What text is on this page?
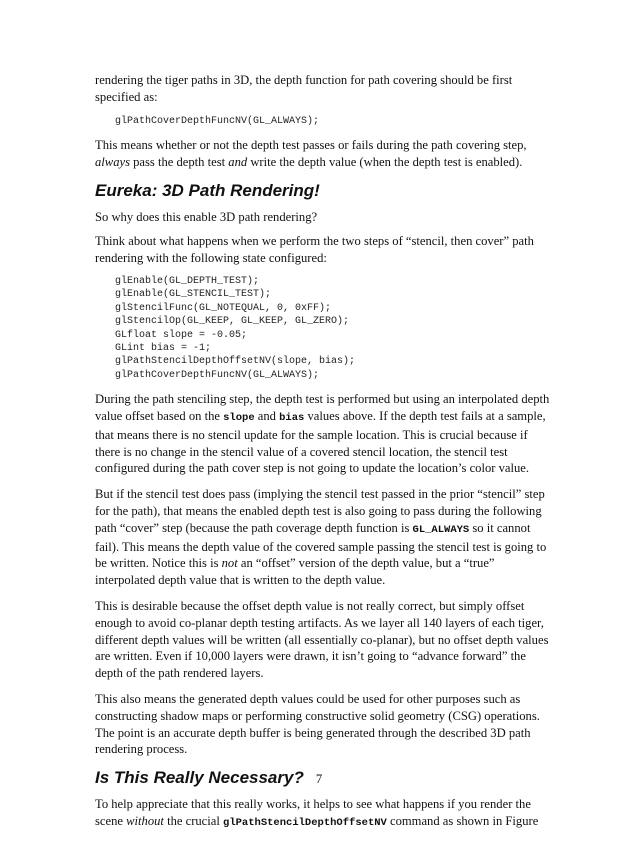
rendering the tiger paths in 3D, the depth function for path covering should be first specified as:

glPathCoverDepthFuncNV(GL_ALWAYS);

This means whether or not the depth test passes or fails during the path covering step, always pass the depth test and write the depth value (when the depth test is enabled).

Eureka: 3D Path Rendering!

So why does this enable 3D path rendering?

Think about what happens when we perform the two steps of “stencil, then cover” path rendering with the following state configured:

glEnable(GL_DEPTH_TEST);
glEnable(GL_STENCIL_TEST);
glStencilFunc(GL_NOTEQUAL, 0, 0xFF);
glStencilOp(GL_KEEP, GL_KEEP, GL_ZERO);
GLfloat slope = -0.05;
GLint bias = -1;
glPathStencilDepthOffsetNV(slope, bias);
glPathCoverDepthFuncNV(GL_ALWAYS);

During the path stenciling step, the depth test is performed but using an interpolated depth value offset based on the slope and bias values above. If the depth test fails at a sample, that means there is no stencil update for the sample location. This is crucial because if there is no change in the stencil value of a covered stencil location, the stencil test configured during the path cover step is not going to update the location’s color value.

But if the stencil test does pass (implying the stencil test passed in the prior “stencil” step for the path), that means the enabled depth test is also going to pass during the following path “cover” step (because the path coverage depth function is GL_ALWAYS so it cannot fail). This means the depth value of the covered sample passing the stencil test is going to be written. Notice this is not an “offset” version of the depth value, but a “true” interpolated depth value that is written to the depth value.

This is desirable because the offset depth value is not really correct, but simply offset enough to avoid co-planar depth testing artifacts. As we layer all 140 layers of each tiger, different depth values will be written (all essentially co-planar), but no offset depth values are written. Even if 10,000 layers were drawn, it isn’t going to “advance forward” the depth of the path rendered layers.

This also means the generated depth values could be used for other purposes such as constructing shadow maps or performing constructive solid geometry (CSG) operations. The point is an accurate depth buffer is being generated through the described 3D path rendering process.

Is This Really Necessary?

To help appreciate that this really works, it helps to see what happens if you render the scene without the crucial glPathStencilDepthOffsetNV command as shown in Figure

7
